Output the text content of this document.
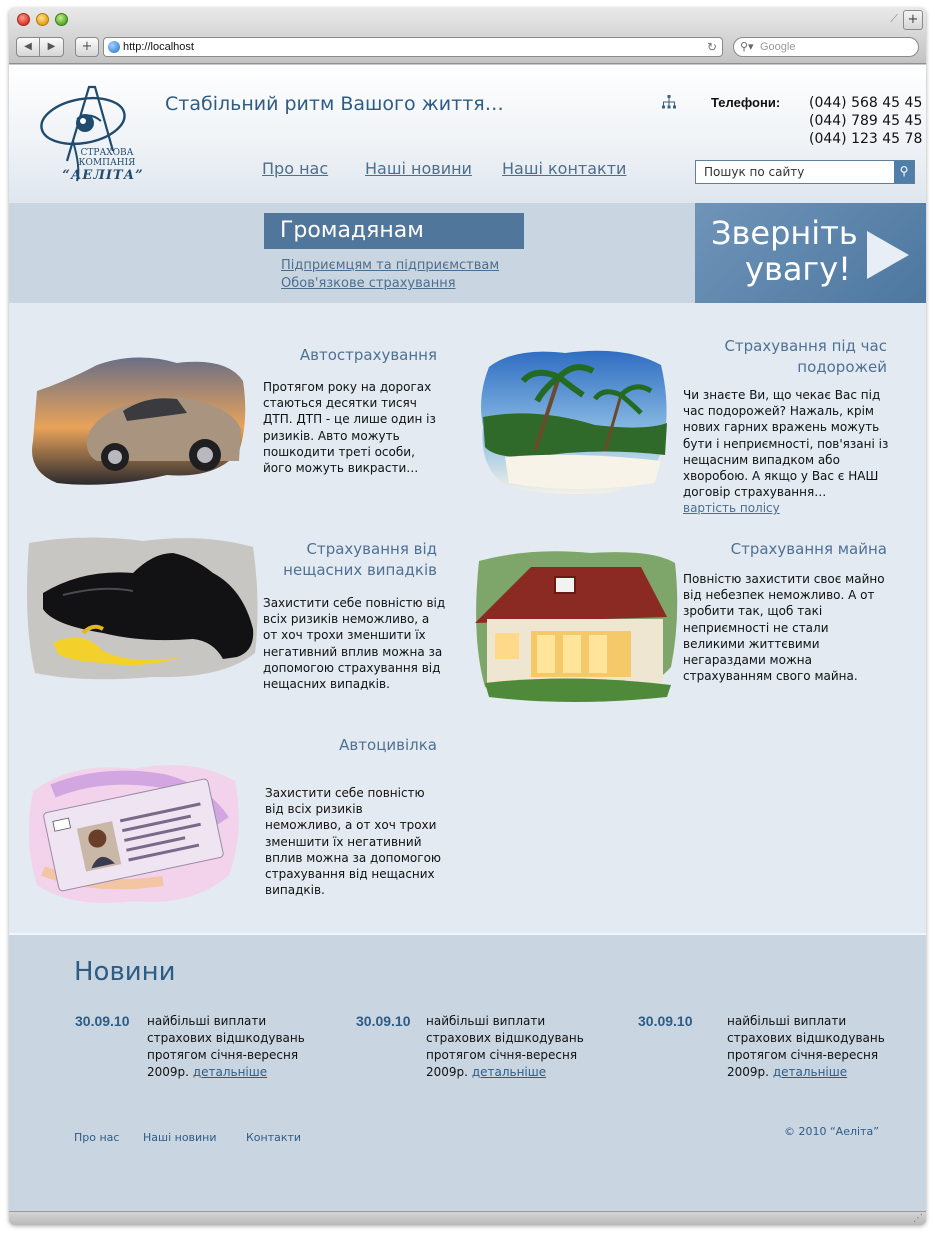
⟋ +
◀	▶	+	http://localhost	↻ ⚲▾ Google
СТРАХОВА
КОМПАНІЯ
“АЕЛІТА”
Стабільний ритм Вашого життя…	Телефони: (044) 568 45 45
(044) 789 45 45
(044) 123 45 78
Про нас Наші новини Наші контакти
Пошук по сайту	⚲
Громадянам
Підприємцям та підприємствам
Обов'язкове страхування
Зверніть
увагу!
Автострахування

Протягом року на дорогах стаються десятки тисяч ДТП. ДТП - це лише один із ризиків. Авто можуть пошкодити треті особи, його можуть викрасти…

Страхування під час подорожей

Чи знаєте Ви, що чекає Вас під час подорожей? Нажаль, крім нових гарних вражень можуть бути і неприємності, пов'язані із нещасним випадком або хворобою. А якщо у Вас є НАШ договір страхування…
вартість полісу

Страхування від нещасних випадків

Захистити себе повністю від всіх ризиків неможливо, а от хоч трохи зменшити їх негативний вплив можна за допомогою страхування від нещасних випадків.

Страхування майна

Повністю захистити своє майно від небезпек неможливо. А от зробити так, щоб такі неприємності не стали великими життєвими негараздами можна страхуванням свого майна.

Автоцивілка

Захистити себе повністю від всіх ризиків неможливо, а от хоч трохи зменшити їх негативний вплив можна за допомогою страхування від нещасних випадків.

Новини
30.09.10 найбільші виплати страхових відшкодувань протягом січня-вересня 2009р. детальніше
30.09.10 найбільші виплати страхових відшкодувань протягом січня-вересня 2009р. детальніше
30.09.10	найбільші виплати страхових відшкодувань протягом січня-вересня 2009р. детальніше
Про нас Наші новини	Контакти	© 2010 “Аеліта”
⋰
